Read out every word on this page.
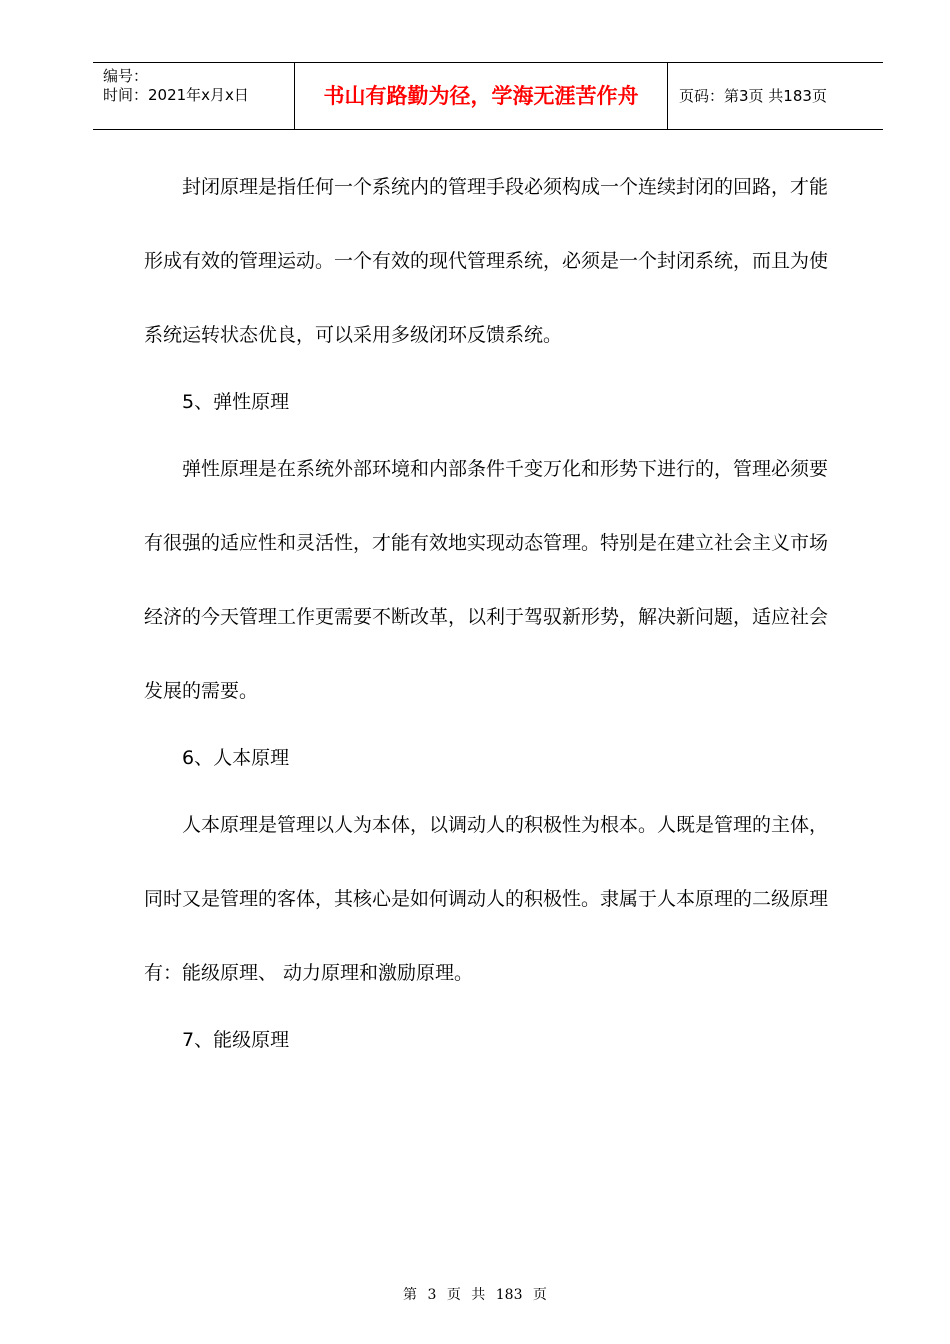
编号：
时间：2021年x月x日	书山有路勤为径，学海无涯苦作舟	页码：第3页 共183页

封闭原理是指任何一个系统内的管理手段必须构成一个连续封闭的回路，才能形成有效的管理运动。一个有效的现代管理系统，必须是一个封闭系统，而且为使系统运转状态优良，可以采用多级闭环反馈系统。

5、弹性原理

弹性原理是在系统外部环境和内部条件千变万化和形势下进行的，管理必须要有很强的适应性和灵活性，才能有效地实现动态管理。特别是在建立社会主义市场经济的今天管理工作更需要不断改革，以利于驾驭新形势，解决新问题，适应社会发展的需要。

6、人本原理

人本原理是管理以人为本体，以调动人的积极性为根本。人既是管理的主体，同时又是管理的客体，其核心是如何调动人的积极性。隶属于人本原理的二级原理有：能级原理、 动力原理和激励原理。

7、能级原理

第 3 页 共 183 页
